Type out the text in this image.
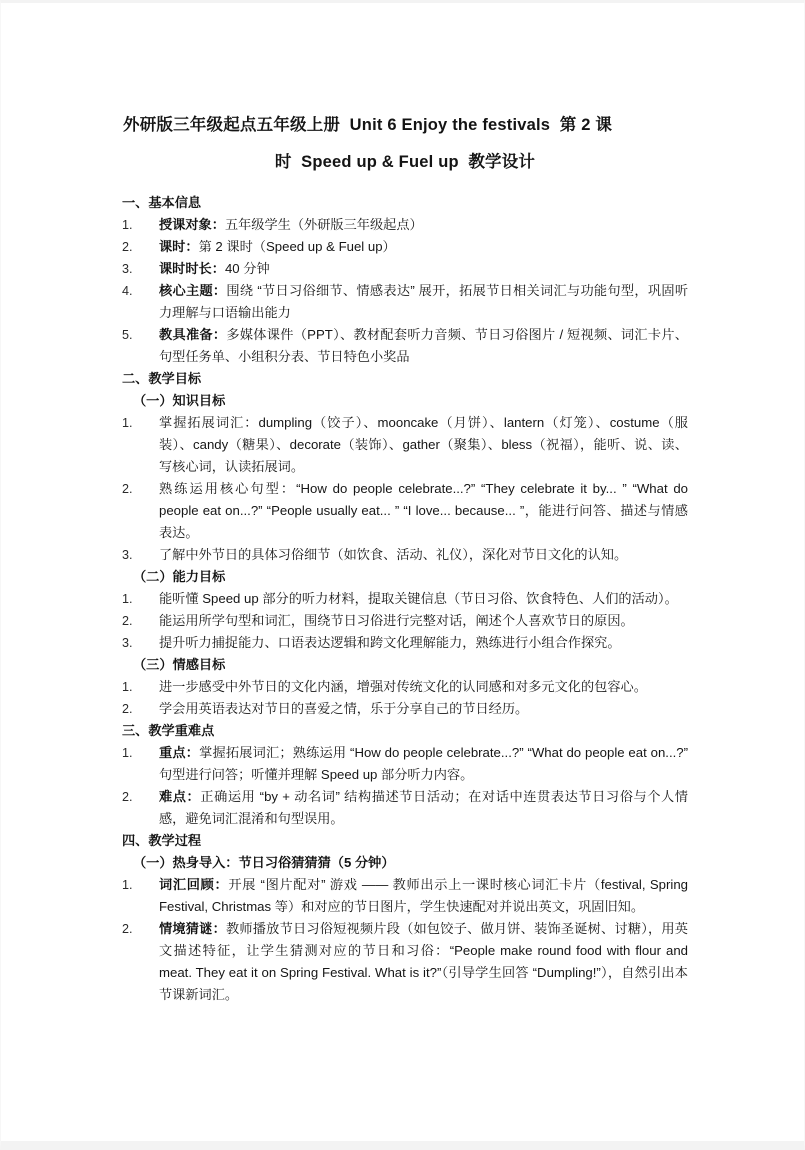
外研版三年级起点五年级上册  Unit 6 Enjoy the festivals  第 2 课
时  Speed up & Fuel up  教学设计

一、基本信息

1.	授课对象：五年级学生（外研版三年级起点）

2.	课时：第 2 课时（Speed up & Fuel up）

3.	课时时长：40 分钟

4.	核心主题：围绕 “节日习俗细节、情感表达” 展开，拓展节日相关词汇与功能句型，巩固听力理解与口语输出能力

5.	教具准备：多媒体课件（PPT）、教材配套听力音频、节日习俗图片 / 短视频、词汇卡片、句型任务单、小组积分表、节日特色小奖品

二、教学目标

（一）知识目标

1.	掌握拓展词汇：dumpling（饺子）、mooncake（月饼）、lantern（灯笼）、costume（服装）、candy（糖果）、decorate（装饰）、gather（聚集）、bless（祝福），能听、说、读、写核心词，认读拓展词。

2.	熟练运用核心句型：“How do people celebrate...?” “They celebrate it by... ” “What do people eat on...?” “People usually eat... ” “I love... because... ”，能进行问答、描述与情感表达。

3.	了解中外节日的具体习俗细节（如饮食、活动、礼仪），深化对节日文化的认知。

（二）能力目标

1.	能听懂 Speed up 部分的听力材料，提取关键信息（节日习俗、饮食特色、人们的活动）。

2.	能运用所学句型和词汇，围绕节日习俗进行完整对话，阐述个人喜欢节日的原因。

3.	提升听力捕捉能力、口语表达逻辑和跨文化理解能力，熟练进行小组合作探究。

（三）情感目标

1.	进一步感受中外节日的文化内涵，增强对传统文化的认同感和对多元文化的包容心。

2.	学会用英语表达对节日的喜爱之情，乐于分享自己的节日经历。

三、教学重难点

1.	重点：掌握拓展词汇；熟练运用 “How do people celebrate...?” “What do people eat on...?” 句型进行问答；听懂并理解 Speed up 部分听力内容。

2.	难点：正确运用 “by + 动名词” 结构描述节日活动；在对话中连贯表达节日习俗与个人情感，避免词汇混淆和句型误用。

四、教学过程

（一）热身导入：节日习俗猜猜猜（5 分钟）

1.	词汇回顾：开展 “图片配对” 游戏 —— 教师出示上一课时核心词汇卡片（festival, Spring Festival, Christmas 等）和对应的节日图片，学生快速配对并说出英文，巩固旧知。

2.	情境猜谜：教师播放节日习俗短视频片段（如包饺子、做月饼、装饰圣诞树、讨糖），用英文描述特征，让学生猜测对应的节日和习俗：“People make round food with flour and meat. They eat it on Spring Festival. What is it?”（引导学生回答 “Dumpling!”），自然引出本节课新词汇。
